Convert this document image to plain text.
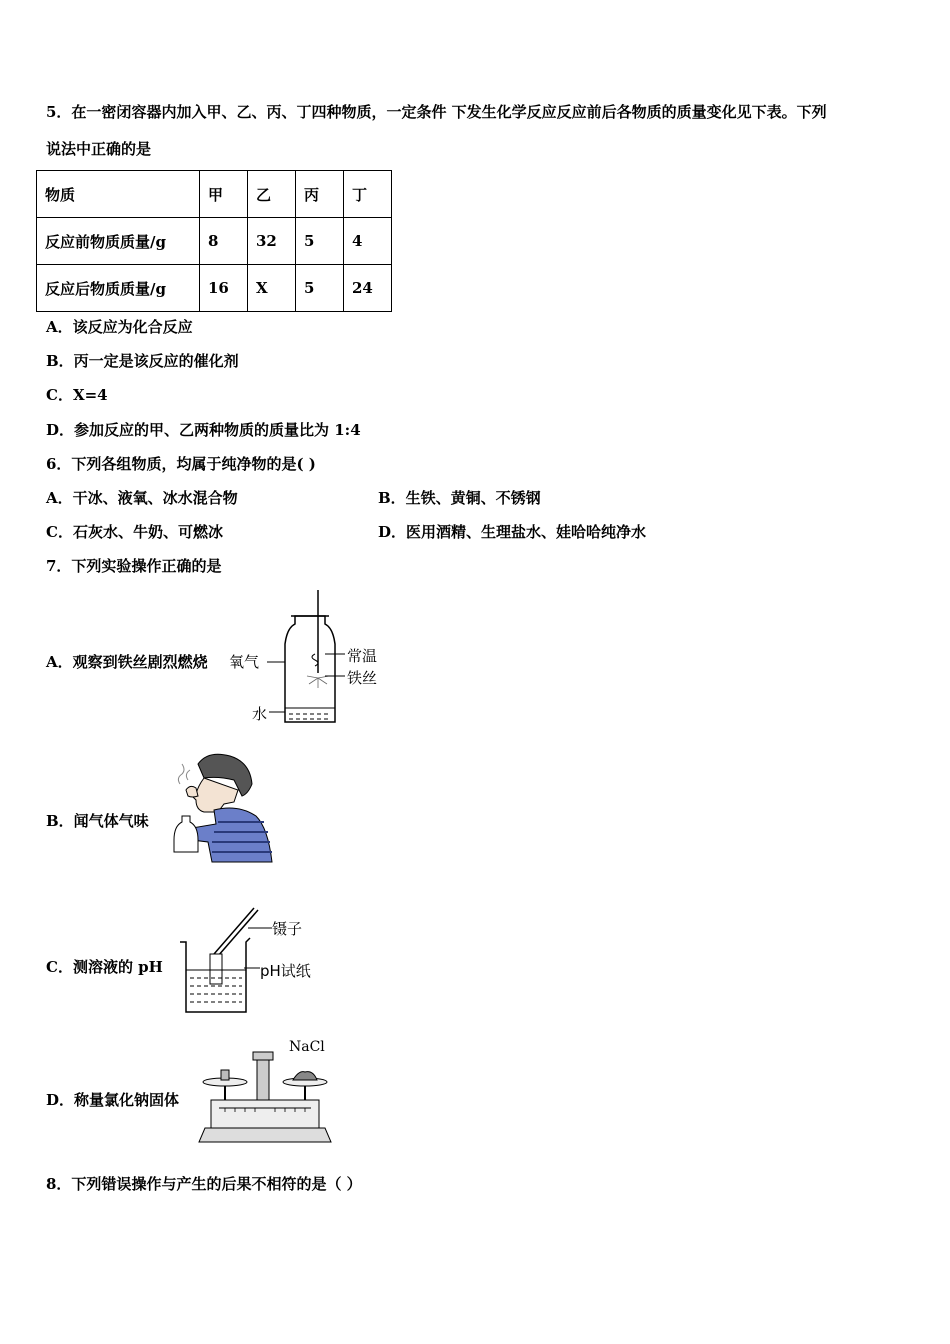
5．在一密闭容器内加入甲、乙、丙、丁四种物质，一定条件 下发生化学反应反应前后各物质的质量变化见下表。下列
说法中正确的是
物质	甲	乙	丙	丁
反应前物质质量/g	8	32	5	4
反应后物质质量/g	16	X	5	24
A．该反应为化合反应
B．丙一定是该反应的催化剂
C．X=4
D．参加反应的甲、乙两种物质的质量比为 1:4
6．下列各组物质，均属于纯净物的是( )
A．干冰、液氧、冰水混合物	B．生铁、黄铜、不锈钢
C．石灰水、牛奶、可燃冰	D．医用酒精、生理盐水、娃哈哈纯净水
7．下列实验操作正确的是
A．观察到铁丝剧烈燃烧 氧气	常温
铁丝
水
B．闻气体气味
C．测溶液的 pH
镊子
pH试纸
D．称量氯化钠固体
NaCl
8．下列错误操作与产生的后果不相符的是（ ）
